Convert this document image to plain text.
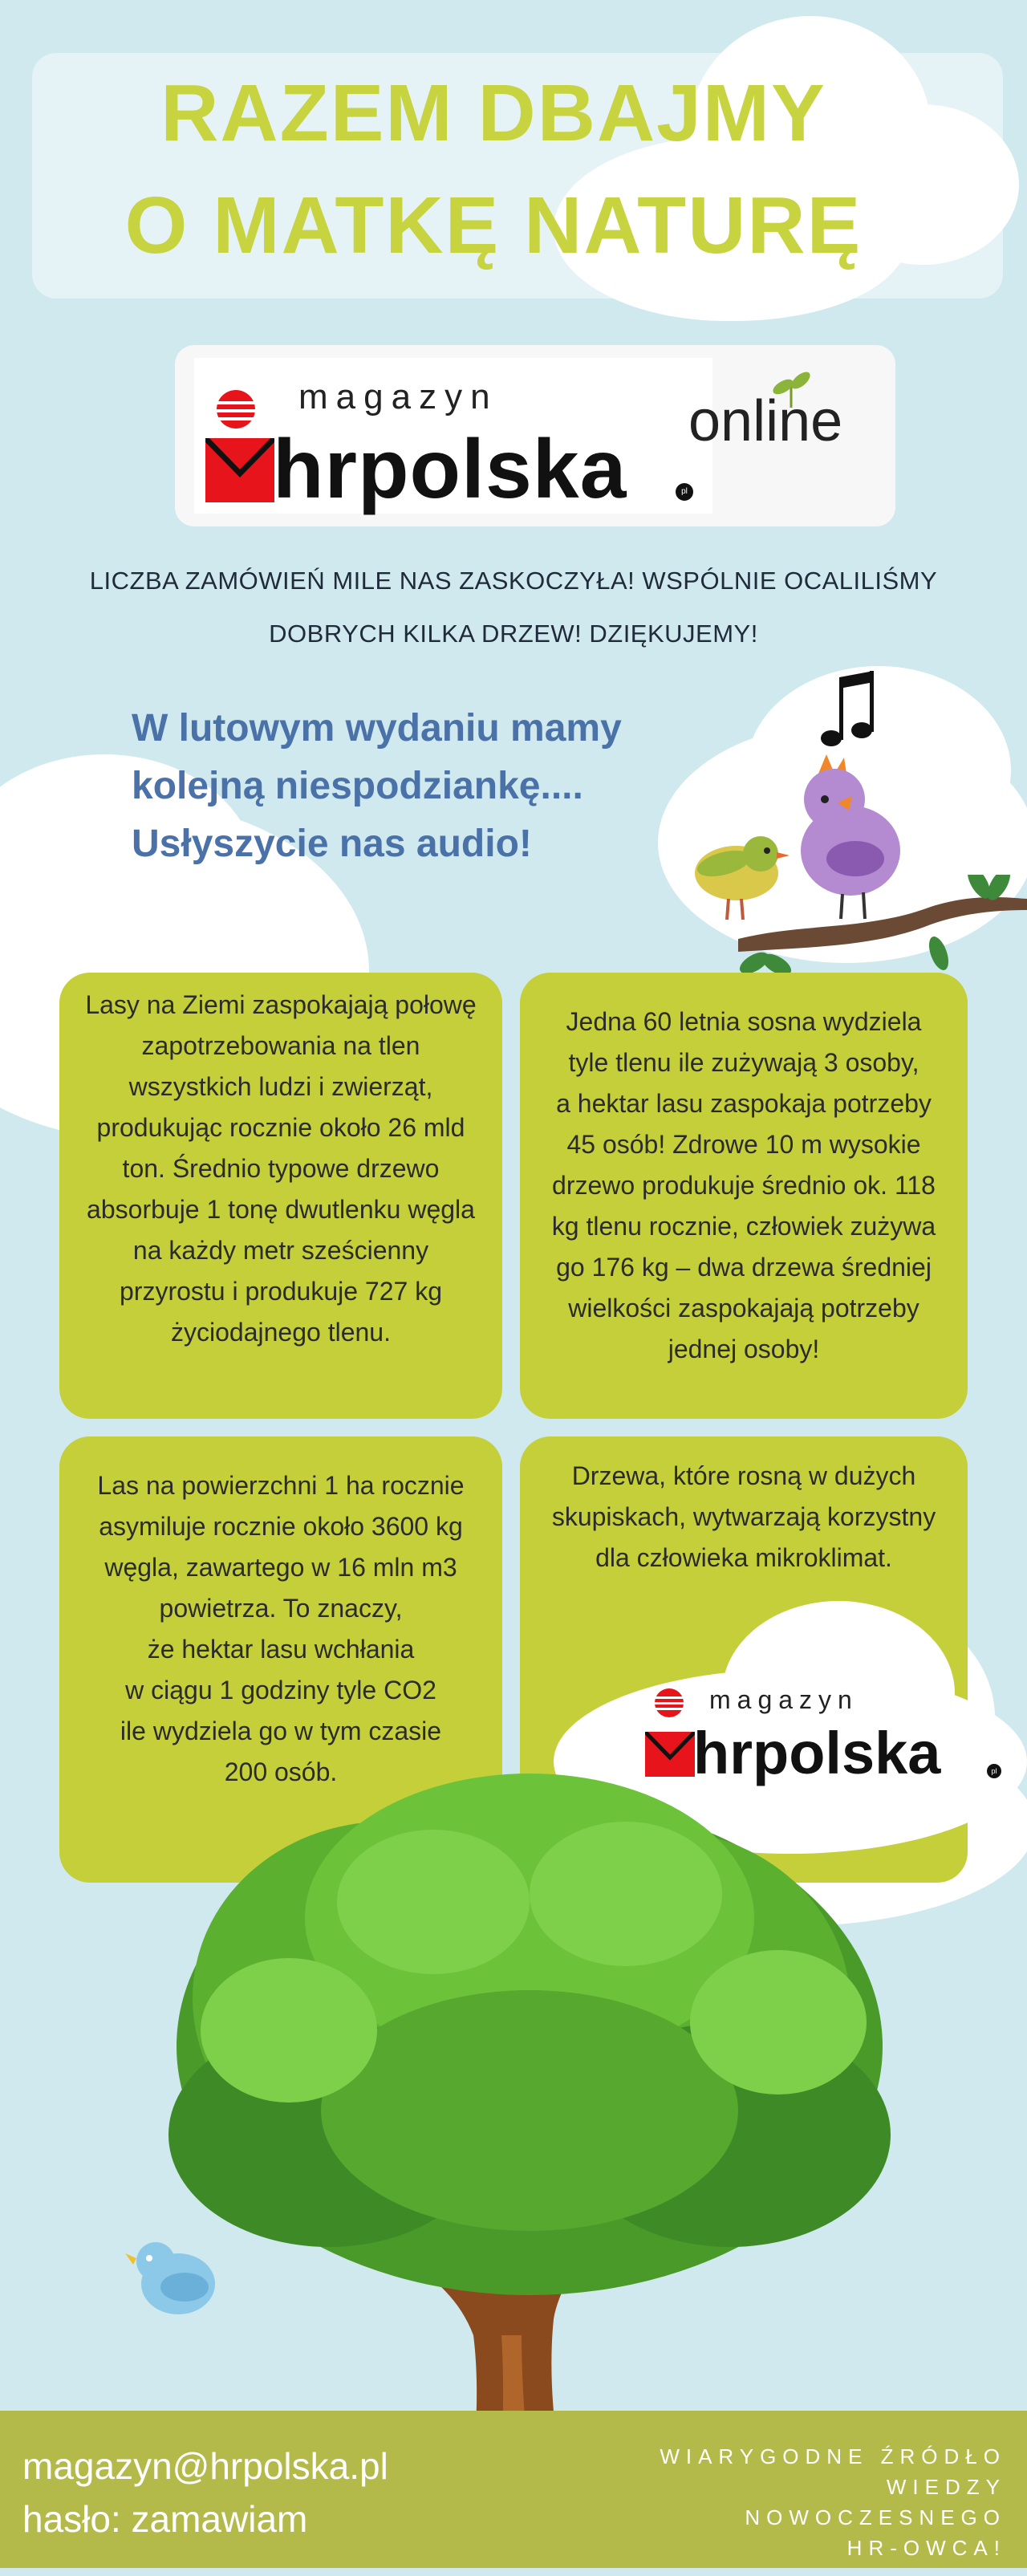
RAZEM DBAJMY
O MATKĘ NATURĘ
magazyn
hrpolska	pl
online
LICZBA ZAMÓWIEŃ MILE NAS ZASKOCZYŁA! WSPÓLNIE OCALILIŚMY
DOBRYCH KILKA DRZEW! DZIĘKUJEMY!
W lutowym wydaniu mamy
kolejną niespodziankę....
Usłyszycie nas audio!
Lasy na Ziemi zaspokajają połowę
zapotrzebowania na tlen
wszystkich ludzi i zwierząt,
produkując rocznie około 26 mld
ton. Średnio typowe drzewo
absorbuje 1 tonę dwutlenku węgla
na każdy metr sześcienny
przyrostu i produkuje 727 kg
życiodajnego tlenu.
Jedna 60 letnia sosna wydziela
tyle tlenu ile zużywają 3 osoby,
a hektar lasu zaspokaja potrzeby
45 osób! Zdrowe 10 m wysokie
drzewo produkuje średnio ok. 118
kg tlenu rocznie, człowiek zużywa
go 176 kg – dwa drzewa średniej
wielkości zaspokajają potrzeby
jednej osoby!
Las na powierzchni 1 ha rocznie
asymiluje rocznie około 3600 kg
węgla, zawartego w 16 mln m3
powietrza. To znaczy,
że hektar lasu wchłania
w ciągu 1 godziny tyle CO2
ile wydziela go w tym czasie
200 osób.
Drzewa, które rosną w dużych
skupiskach, wytwarzają korzystny
dla człowieka mikroklimat.
magazyn
hrpolska	pl
magazyn@hrpolska.pl
hasło: zamawiam
WIARYGODNE ŹRÓDŁO
WIEDZY
NOWOCZESNEGO
HR-OWCA!
